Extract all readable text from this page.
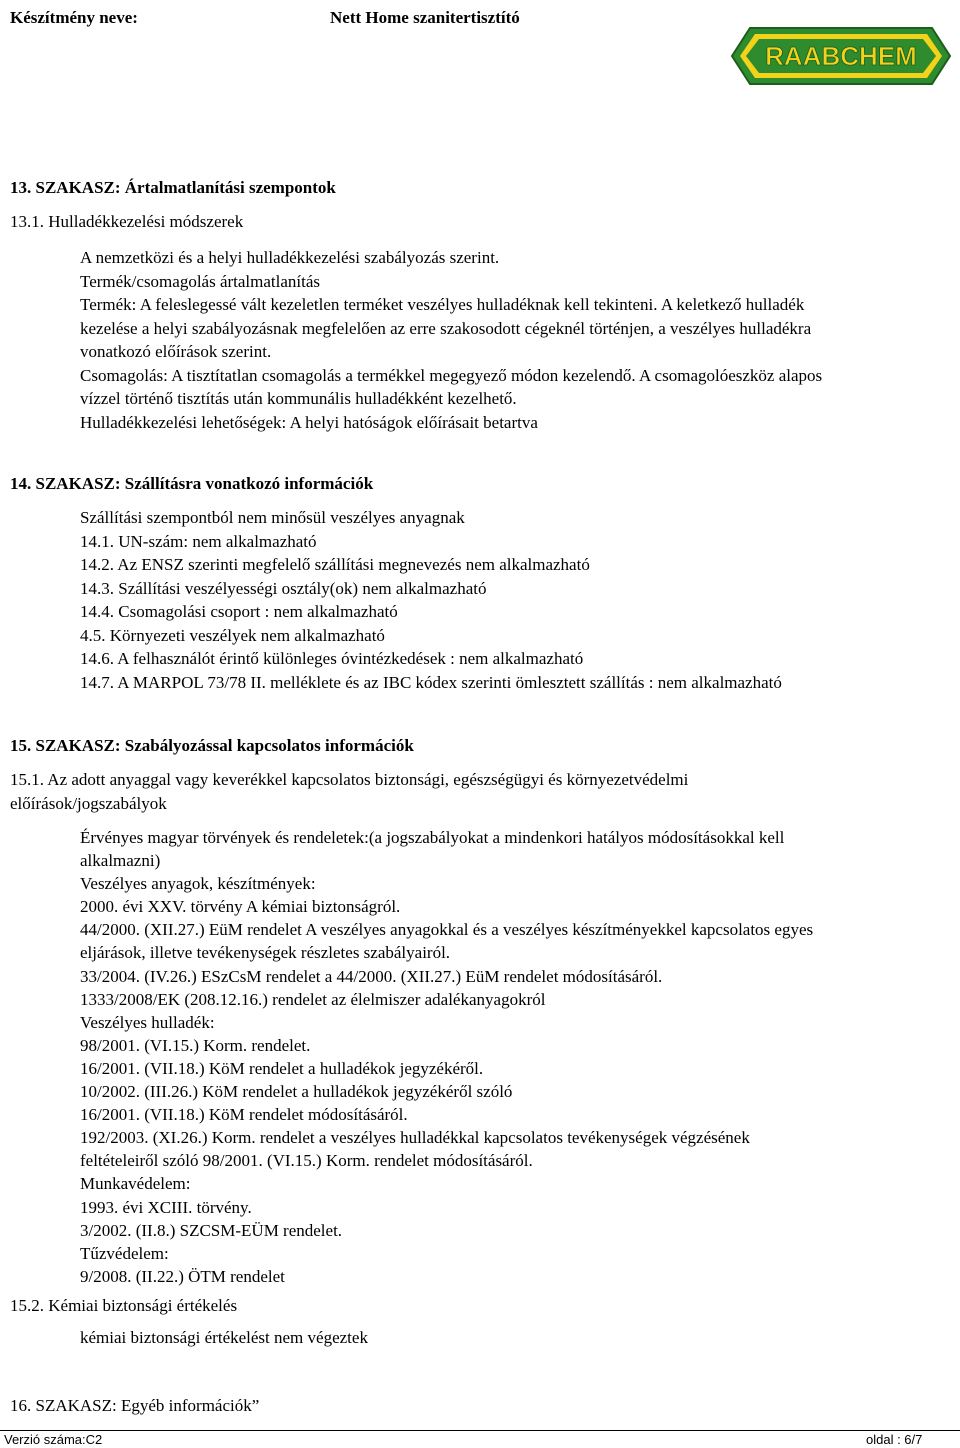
Készítmény neve:	Nett Home szanitertisztító
RAABCHEM
13. SZAKASZ: Ártalmatlanítási szempontok
13.1. Hulladékkezelési módszerek
A nemzetközi és a helyi hulladékkezelési szabályozás szerint.
Termék/csomagolás ártalmatlanítás
Termék: A feleslegessé vált kezeletlen terméket veszélyes hulladéknak kell tekinteni. A keletkező hulladék
kezelése a helyi szabályozásnak megfelelően az erre szakosodott cégeknél történjen, a veszélyes hulladékra
vonatkozó előírások szerint.
Csomagolás: A tisztítatlan csomagolás a termékkel megegyező módon kezelendő. A csomagolóeszköz alapos
vízzel történő tisztítás után kommunális hulladékként kezelhető.
Hulladékkezelési lehetőségek: A helyi hatóságok előírásait betartva
14. SZAKASZ: Szállításra vonatkozó információk
Szállítási szempontból nem minősül veszélyes anyagnak
14.1. UN-szám: nem alkalmazható
14.2. Az ENSZ szerinti megfelelő szállítási megnevezés nem alkalmazható
14.3. Szállítási veszélyességi osztály(ok) nem alkalmazható
14.4. Csomagolási csoport : nem alkalmazható
4.5. Környezeti veszélyek nem alkalmazható
14.6. A felhasználót érintő különleges óvintézkedések : nem alkalmazható
14.7. A MARPOL 73/78 II. melléklete és az IBC kódex szerinti ömlesztett szállítás : nem alkalmazható
15. SZAKASZ: Szabályozással kapcsolatos információk
15.1. Az adott anyaggal vagy keverékkel kapcsolatos biztonsági, egészségügyi és környezetvédelmi
előírások/jogszabályok
Érvényes magyar törvények és rendeletek:(a jogszabályokat a mindenkori hatályos módosításokkal kell
alkalmazni)
Veszélyes anyagok, készítmények:
2000. évi XXV. törvény A kémiai biztonságról.
44/2000. (XII.27.) EüM rendelet A veszélyes anyagokkal és a veszélyes készítményekkel kapcsolatos egyes
eljárások, illetve tevékenységek részletes szabályairól.
33/2004. (IV.26.) ESzCsM rendelet a 44/2000. (XII.27.) EüM rendelet módosításáról.
1333/2008/EK (208.12.16.) rendelet az élelmiszer adalékanyagokról
Veszélyes hulladék:
98/2001. (VI.15.) Korm. rendelet.
16/2001. (VII.18.) KöM rendelet a hulladékok jegyzékéről.
10/2002. (III.26.) KöM rendelet a hulladékok jegyzékéről szóló
16/2001. (VII.18.) KöM rendelet módosításáról.
192/2003. (XI.26.) Korm. rendelet a veszélyes hulladékkal kapcsolatos tevékenységek végzésének
feltételeiről szóló 98/2001. (VI.15.) Korm. rendelet módosításáról.
Munkavédelem:
1993. évi XCIII. törvény.
3/2002. (II.8.) SZCSM-EÜM rendelet.
Tűzvédelem:
9/2008. (II.22.) ÖTM rendelet
15.2. Kémiai biztonsági értékelés
kémiai biztonsági értékelést nem végeztek
16. SZAKASZ: Egyéb információk”
Verzió száma:C2	oldal : 6/7
